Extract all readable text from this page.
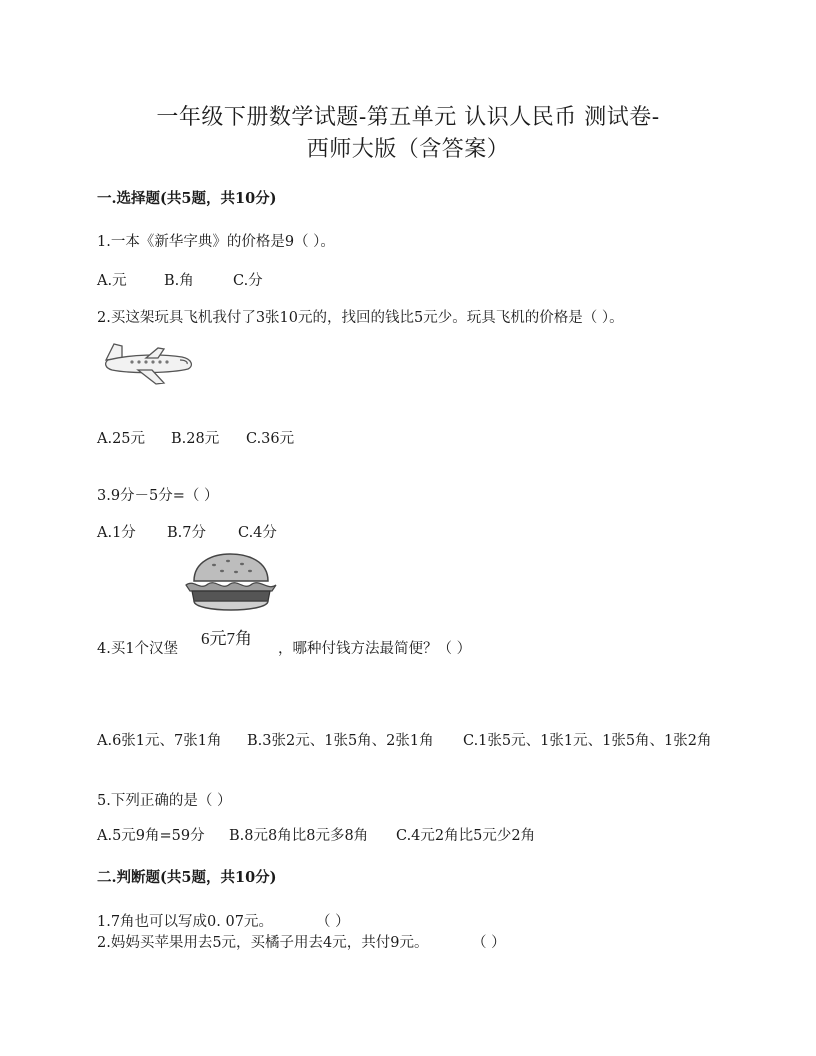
一年级下册数学试题-第五单元 认识人民币 测试卷-
西师大版（含答案）
一.选择题(共5题，共10分)
1.一本《新华字典》的价格是9（ ）。
A.元	B.角	C.分
2.买这架玩具飞机我付了3张10元的，找回的钱比5元少。玩具飞机的价格是（ ）。
A.25元 B.28元 C.36元
3.9分－5分=（ ）
A.1分 B.7分 C.4分
6元7角
4.买1个汉堡	，哪种付钱方法最简便？（ ）
A.6张1元、7张1角 B.3张2元、1张5角、2张1角 C.1张5元、1张1元、1张5角、1张2角
5.下列正确的是（ ）
A.5元9角=59分 B.8元8角比8元多8角 C.4元2角比5元少2角
二.判断题(共5题，共10分)
1.7角也可以写成0. 07元。	（ ）
2.妈妈买苹果用去5元，买橘子用去4元，共付9元。	（ ）
